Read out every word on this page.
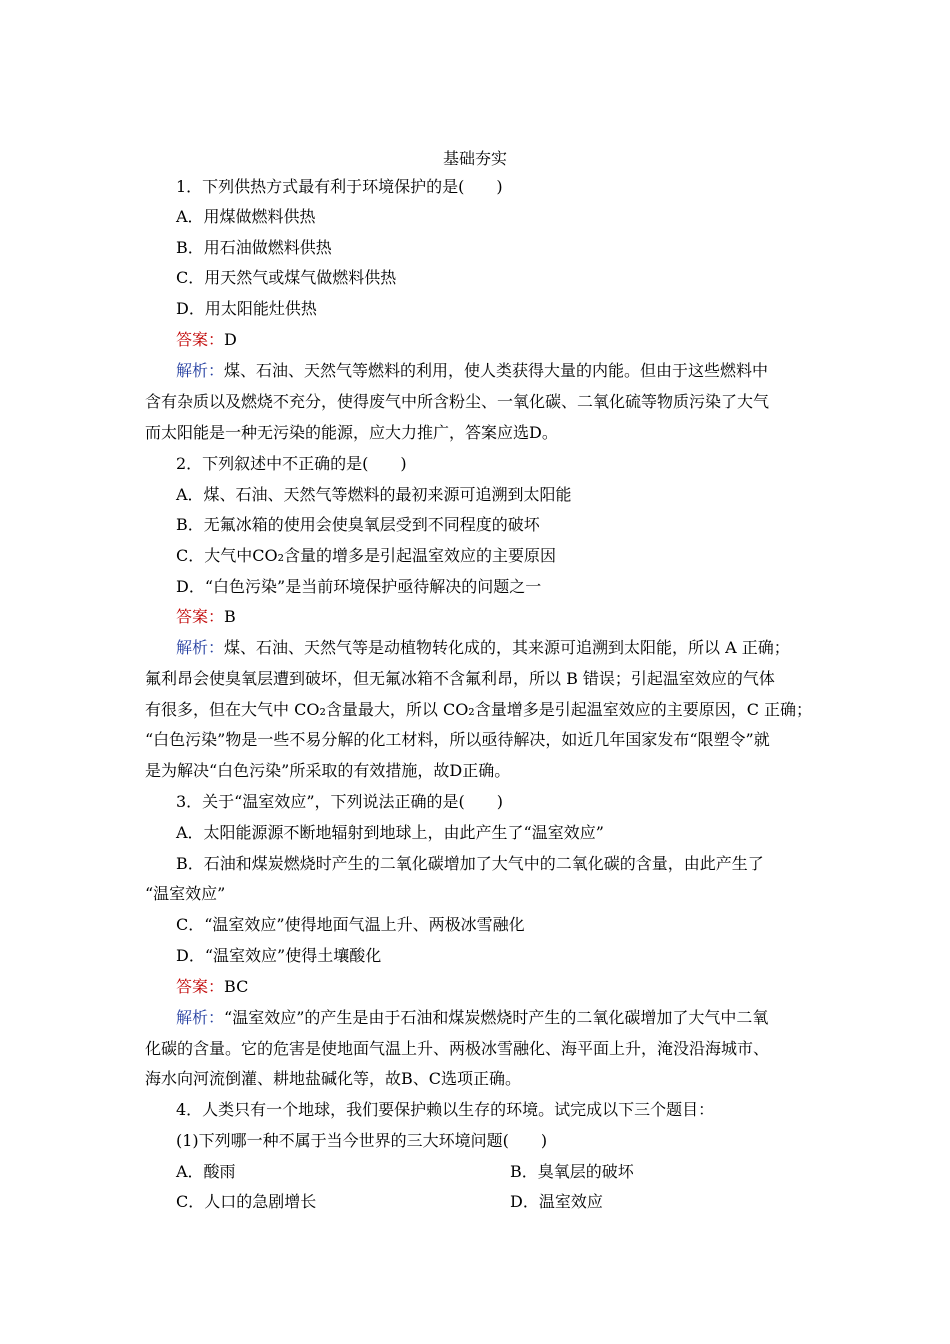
基础夯实
1．下列供热方式最有利于环境保护的是(　　)
A．用煤做燃料供热
B．用石油做燃料供热
C．用天然气或煤气做燃料供热
D．用太阳能灶供热
答案：D
解析：煤、石油、天然气等燃料的利用，使人类获得大量的内能。但由于这些燃料中
含有杂质以及燃烧不充分，使得废气中所含粉尘、一氧化碳、二氧化硫等物质污染了大气
而太阳能是一种无污染的能源，应大力推广，答案应选D。
2．下列叙述中不正确的是(　　)
A．煤、石油、天然气等燃料的最初来源可追溯到太阳能
B．无氟冰箱的使用会使臭氧层受到不同程度的破坏
C．大气中CO₂含量的增多是引起温室效应的主要原因
D．“白色污染”是当前环境保护亟待解决的问题之一
答案：B
解析：煤、石油、天然气等是动植物转化成的，其来源可追溯到太阳能，所以 A 正确；
氟利昂会使臭氧层遭到破坏，但无氟冰箱不含氟利昂，所以 B 错误；引起温室效应的气体
有很多，但在大气中 CO₂含量最大，所以 CO₂含量增多是引起温室效应的主要原因，C 正确；
“白色污染”物是一些不易分解的化工材料，所以亟待解决，如近几年国家发布“限塑令”就
是为解决“白色污染”所采取的有效措施，故D正确。
3．关于“温室效应”，下列说法正确的是(　　)
A．太阳能源源不断地辐射到地球上，由此产生了“温室效应”
B．石油和煤炭燃烧时产生的二氧化碳增加了大气中的二氧化碳的含量，由此产生了
“温室效应”
C．“温室效应”使得地面气温上升、两极冰雪融化
D．“温室效应”使得土壤酸化
答案：BC
解析：“温室效应”的产生是由于石油和煤炭燃烧时产生的二氧化碳增加了大气中二氧
化碳的含量。它的危害是使地面气温上升、两极冰雪融化、海平面上升，淹没沿海城市、
海水向河流倒灌、耕地盐碱化等，故B、C选项正确。
4．人类只有一个地球，我们要保护赖以生存的环境。试完成以下三个题目：
(1)下列哪一种不属于当今世界的三大环境问题(　　)
A．酸雨	B．臭氧层的破坏
C．人口的急剧增长	D．温室效应
